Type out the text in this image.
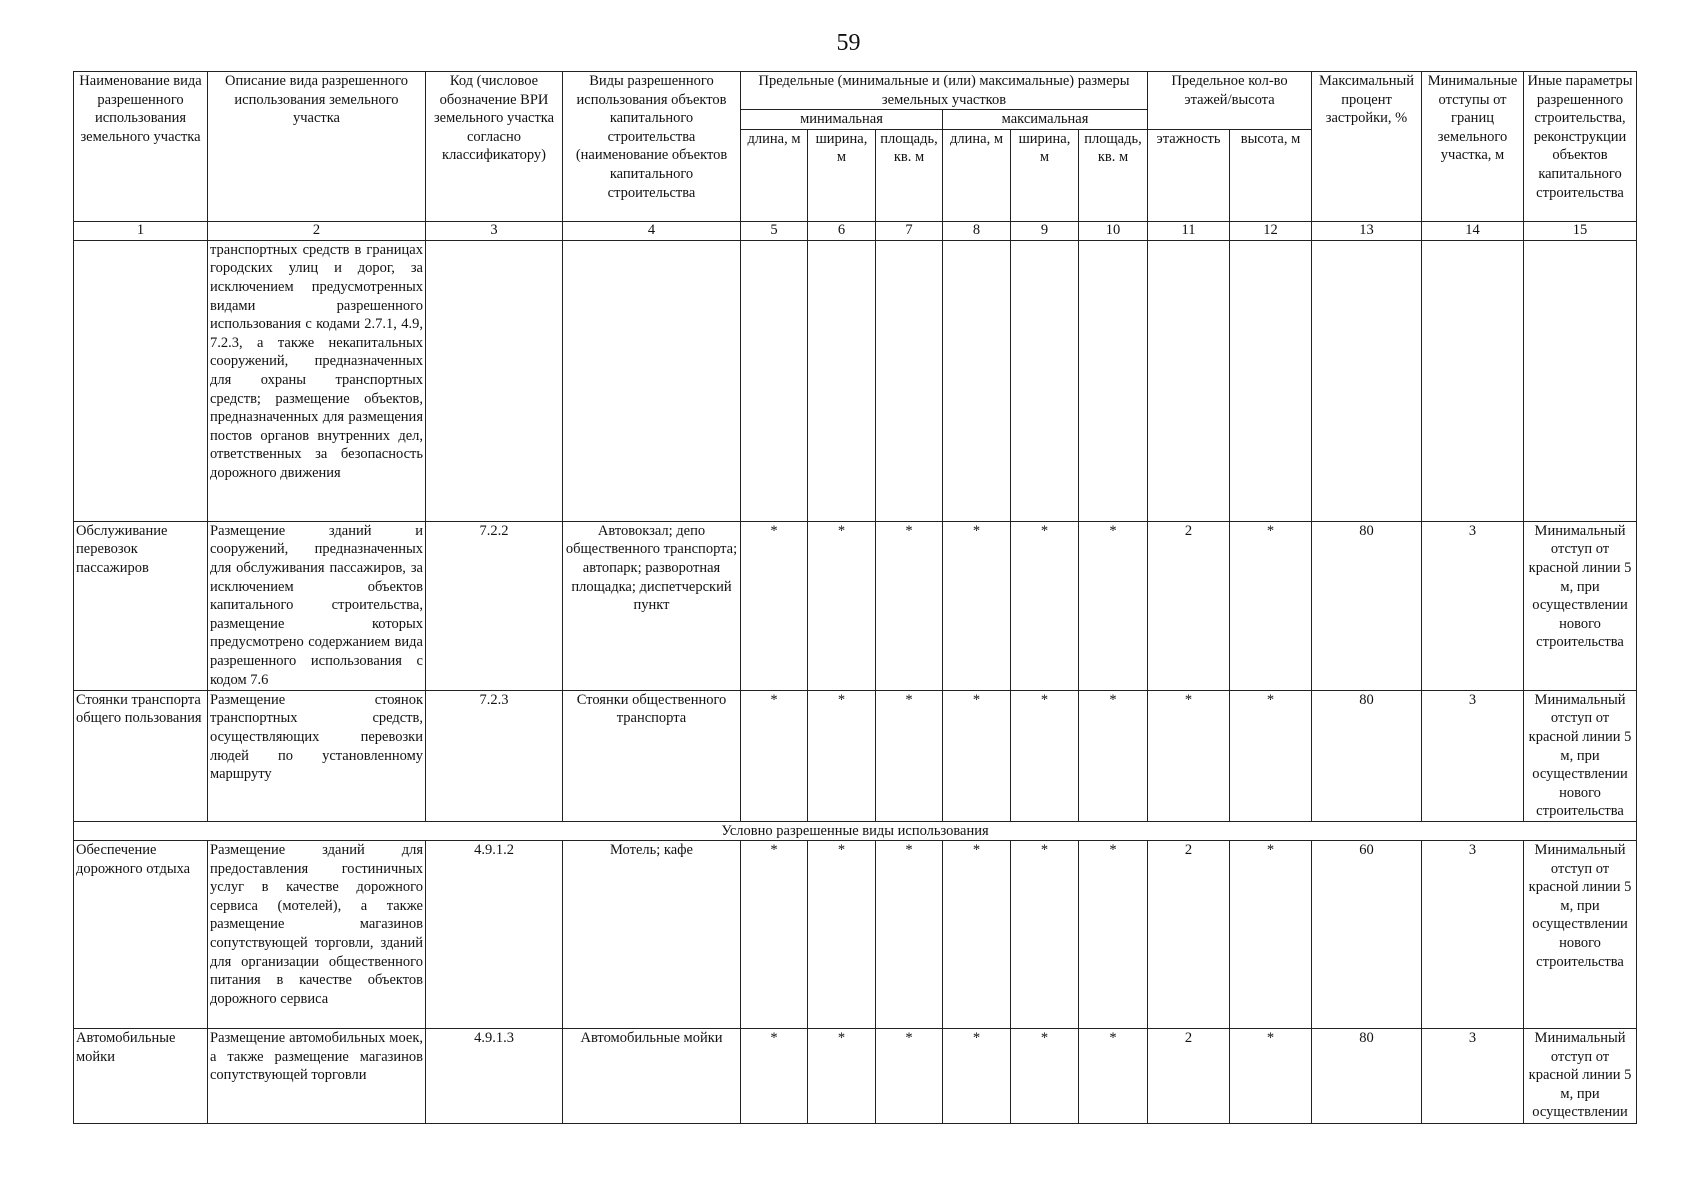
59
Наименование вида разрешенного использования земельного участка	Описание вида разрешенного использования земельного участка	Код (числовое обозначение ВРИ земельного участка согласно классификатору)	Виды разрешенного использования объектов капитального строительства (наименование объектов капитального строительства	Предельные (минимальные и (или) максимальные) размеры земельных участков						Предельное кол-во этажей/высота		Максимальный процент застройки, %	Минимальные отступы от границ земельного участка, м	Иные параметры разрешенного строительства, реконструкции объектов капитального строительства
				минимальная			максимальная							
				длина, м	ширина, м	площадь, кв. м	длина, м	ширина, м	площадь, кв. м	этажность	высота, м			
1	2	3	4	5	6	7	8	9	10	11	12	13	14	15
	транспортных средств в границах городских улиц и дорог, за исключением предусмотренных видами разрешенного использования с кодами 2.7.1, 4.9, 7.2.3, а также некапитальных сооружений, предназначенных для охраны транспортных средств; размещение объектов, предназначенных для размещения постов органов внутренних дел, ответственных за безопасность дорожного движения													
Обслуживание перевозок пассажиров	Размещение зданий и сооружений, предназначенных для обслуживания пассажиров, за исключением объектов капитального строительства, размещение которых предусмотрено содержанием вида разрешенного использования с кодом 7.6	7.2.2	Автовокзал; депо общественного транспорта; автопарк; разворотная площадка; диспетчерский пункт	*	*	*	*	*	*	2	*	80	3	Минимальный отступ от красной линии 5 м, при осуществлении нового строительства
Стоянки транспорта общего пользования	Размещение стоянок транспортных средств, осуществляющих перевозки людей по установленному маршруту	7.2.3	Стоянки общественного транспорта	*	*	*	*	*	*	*	*	80	3	Минимальный отступ от красной линии 5 м, при осуществлении нового строительства
Условно разрешенные виды использования														
Обеспечение дорожного отдыха	Размещение зданий для предоставления гостиничных услуг в качестве дорожного сервиса (мотелей), а также размещение магазинов сопутствующей торговли, зданий для организации общественного питания в качестве объектов дорожного сервиса	4.9.1.2	Мотель; кафе	*	*	*	*	*	*	2	*	60	3	Минимальный отступ от красной линии 5 м, при осуществлении нового строительства
Автомобильные мойки	Размещение автомобильных моек, а также размещение магазинов сопутствующей торговли	4.9.1.3	Автомобильные мойки	*	*	*	*	*	*	2	*	80	3	Минимальный отступ от красной линии 5 м, при осуществлении
